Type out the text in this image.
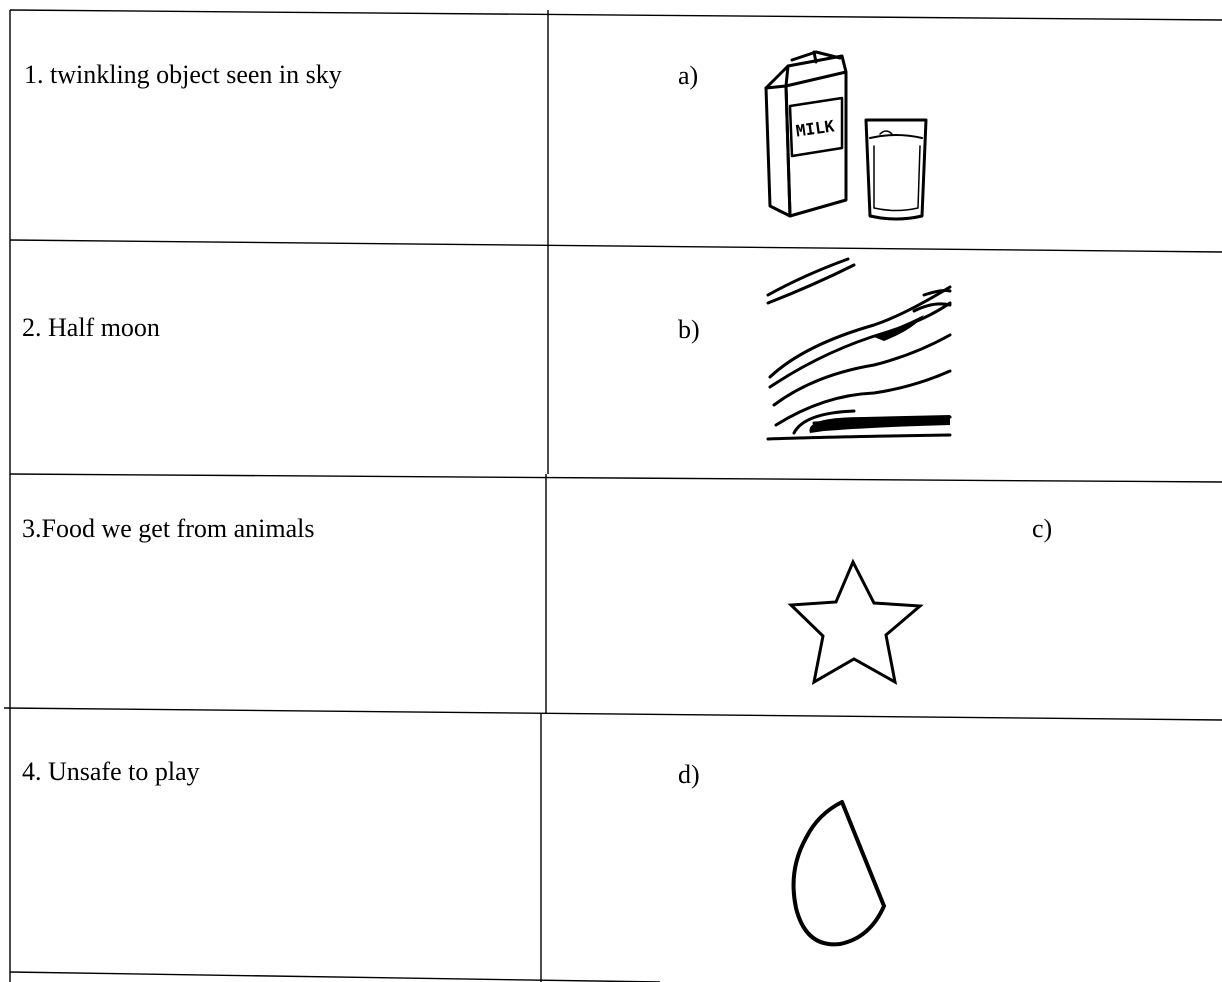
1. twinkling object seen in sky
2. Half moon
3.Food we get from animals
4. Unsafe to play
a)
b)
c)
d)
MILK
